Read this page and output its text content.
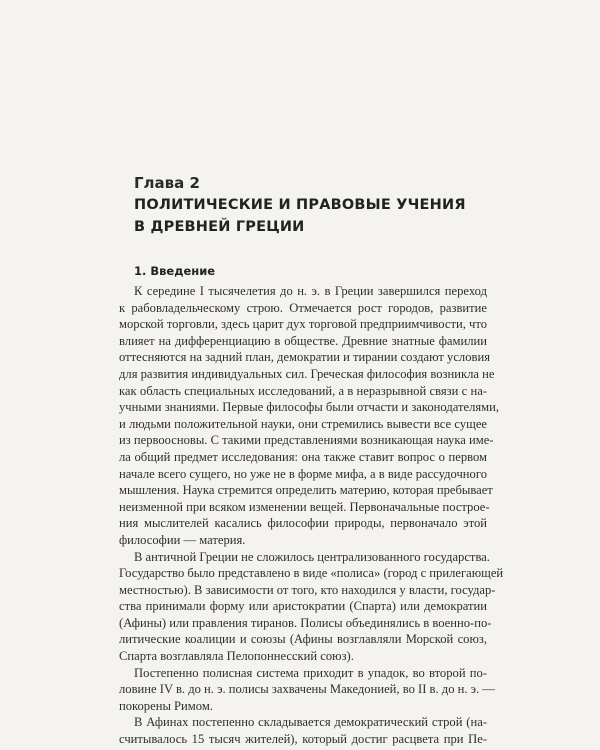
Глава 2
ПОЛИТИЧЕСКИЕ И ПРАВОВЫЕ УЧЕНИЯ
В ДРЕВНЕЙ ГРЕЦИИ
1. Введение
К середине I тысячелетия до н. э. в Греции завершился переход
к рабовладельческому строю. Отмечается рост городов, развитие
морской торговли, здесь царит дух торговой предприимчивости, что
влияет на дифференциацию в обществе. Древние знатные фамилии
оттесняются на задний план, демократии и тирании создают условия
для развития индивидуальных сил. Греческая философия возникла не
как область специальных исследований, а в неразрывной связи с на-
учными знаниями. Первые философы были отчасти и законодателями,
и людьми положительной науки, они стремились вывести все сущее
из первоосновы. С такими представлениями возникающая наука име-
ла общий предмет исследования: она также ставит вопрос о первом
начале всего сущего, но уже не в форме мифа, а в виде рассудочного
мышления. Наука стремится определить материю, которая пребывает
неизменной при всяком изменении вещей. Первоначальные построе-
ния мыслителей касались философии природы, первоначало этой
философии — материя.
В античной Греции не сложилось централизованного государства.
Государство было представлено в виде «полиса» (город с прилегающей
местностью). В зависимости от того, кто находился у власти, государ-
ства принимали форму или аристократии (Спарта) или демократии
(Афины) или правления тиранов. Полисы объединялись в военно-по-
литические коалиции и союзы (Афины возглавляли Морской союз,
Спарта возглавляла Пелопоннесский союз).
Постепенно полисная система приходит в упадок, во второй по-
ловине IV в. до н. э. полисы захвачены Македонией, во II в. до н. э. —
покорены Римом.
В Афинах постепенно складывается демократический строй (на-
считывалось 15 тысяч жителей), который достиг расцвета при Пе-
